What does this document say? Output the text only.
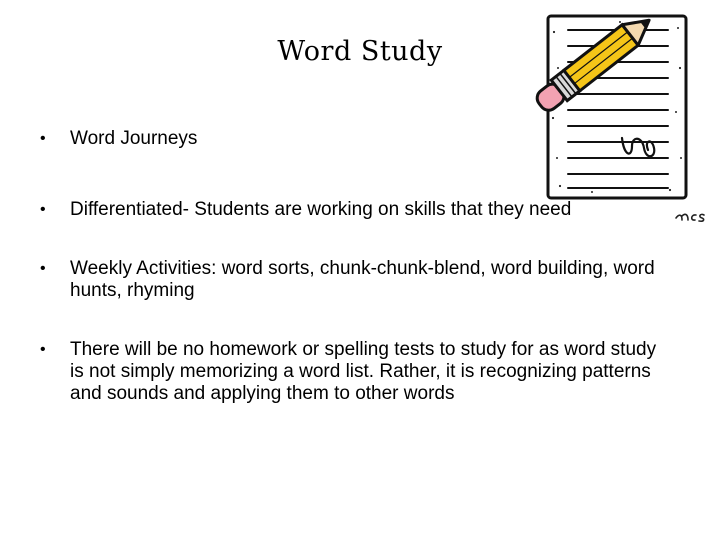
Word Study
•	Word Journeys
•	Differentiated- Students are working on skills that they need
•	Weekly Activities: word sorts, chunk-chunk-blend, word building, word hunts, rhyming
•	There will be no homework or spelling tests to study for as word study is not simply memorizing a word list. Rather, it is recognizing patterns and sounds and applying them to other words
